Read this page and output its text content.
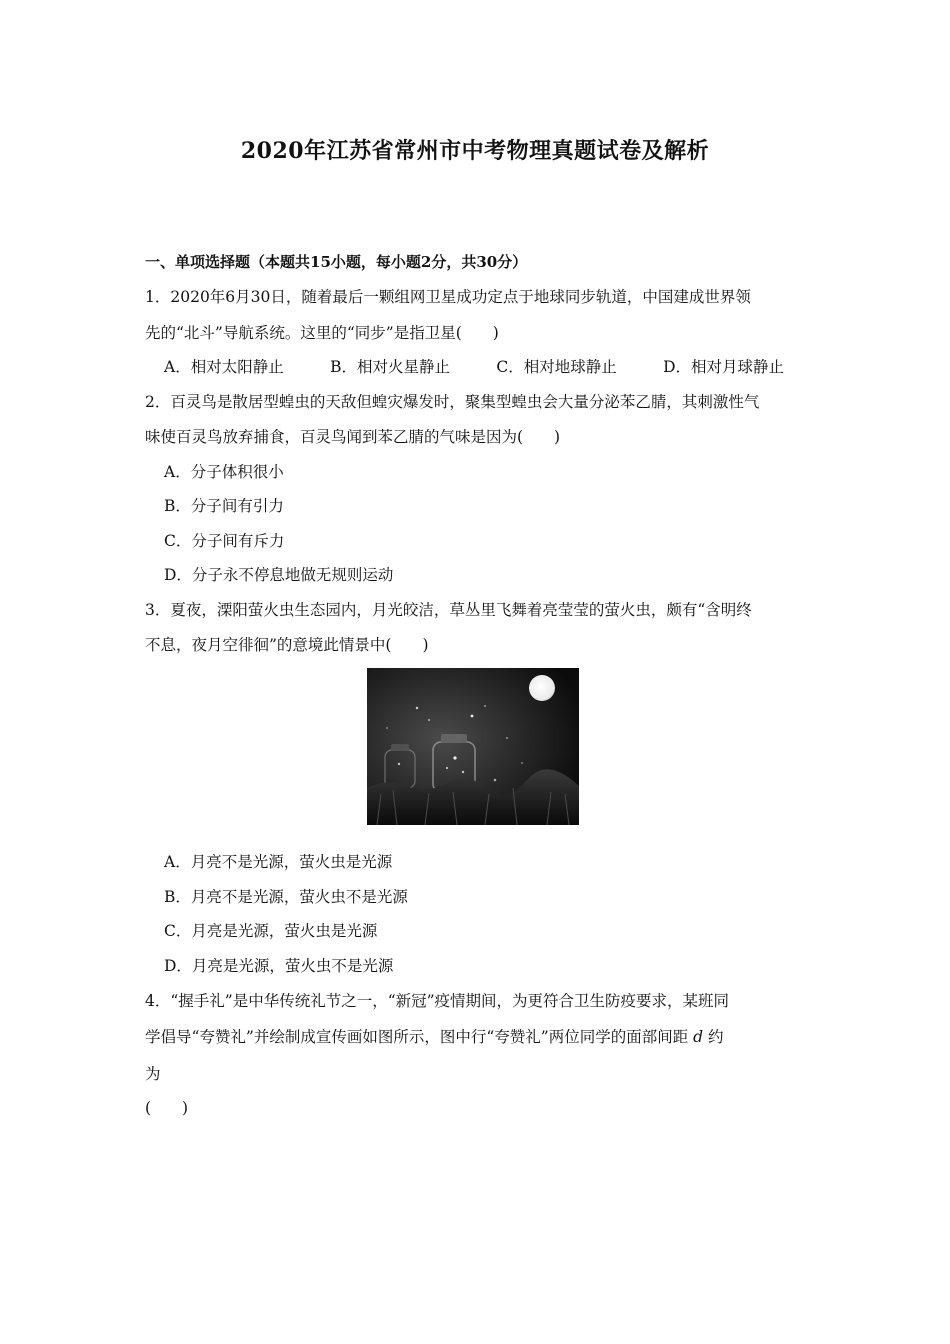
2020年江苏省常州市中考物理真题试卷及解析
一、单项选择题（本题共15小题，每小题2分，共30分）
1．2020年6月30日，随着最后一颗组网卫星成功定点于地球同步轨道，中国建成世界领
先的“北斗”导航系统。这里的“同步”是指卫星(　　)
A．相对太阳静止	B．相对火星静止	C．相对地球静止	D．相对月球静止
2．百灵鸟是散居型蝗虫的天敌但蝗灾爆发时，聚集型蝗虫会大量分泌苯乙腈，其刺激性气
味使百灵鸟放弃捕食，百灵鸟闻到苯乙腈的气味是因为(　　)
A．分子体积很小
B．分子间有引力
C．分子间有斥力
D．分子永不停息地做无规则运动
3．夏夜，溧阳萤火虫生态园内，月光皎洁，草丛里飞舞着亮莹莹的萤火虫，颇有“含明终
不息，夜月空徘徊”的意境此情景中(　　)
A．月亮不是光源，萤火虫是光源
B．月亮不是光源，萤火虫不是光源
C．月亮是光源，萤火虫是光源
D．月亮是光源，萤火虫不是光源
4．“握手礼”是中华传统礼节之一，“新冠”疫情期间，为更符合卫生防疫要求，某班同
学倡导“夸赞礼”并绘制成宣传画如图所示，图中行“夸赞礼”两位同学的面部间距 d 约
为
(　　)
